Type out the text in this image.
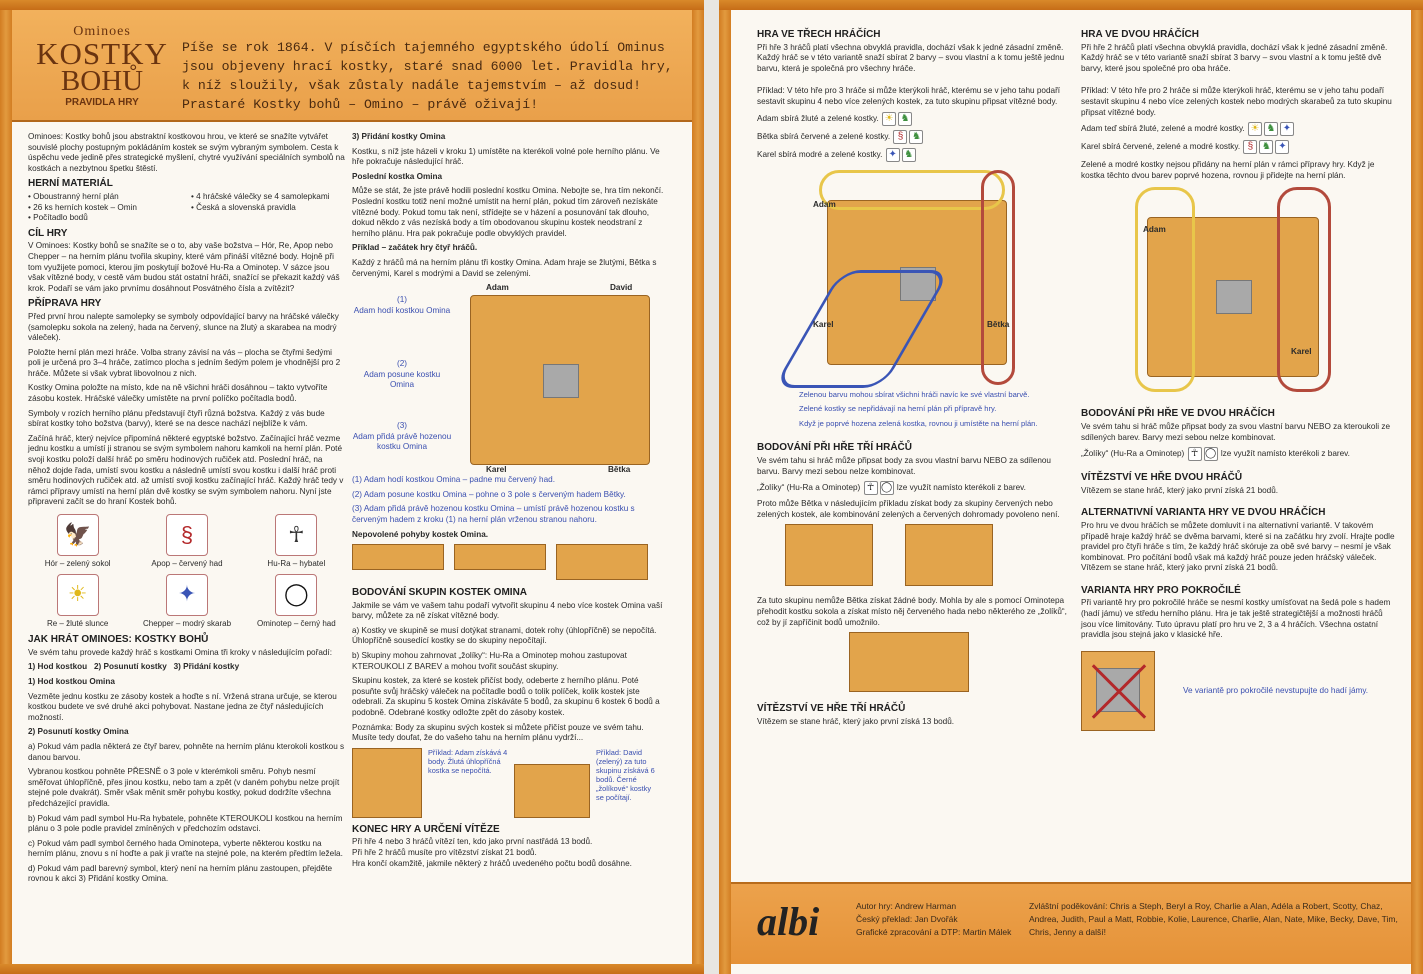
Ominoes
KOSTKY
BOHŮ
PRAVIDLA HRY
Píše se rok 1864. V písčích tajemného egyptského údolí Ominus jsou objeveny hrací kostky, staré snad 6000 let. Pravidla hry, k níž sloužily, však zůstaly nadále tajemstvím – až dosud!
Prastaré Kostky bohů – Omino – právě oživají!

Ominoes: Kostky bohů jsou abstraktní kostkovou hrou, ve které se snažíte vytvářet souvislé plochy postupným pokládáním kostek se svým vybraným symbolem. Cesta k úspěchu vede jedině přes strategické myšlení, chytré využívání speciálních symbolů na kostkách a nezbytnou špetku štěstí.

HERNÍ MATERIÁL
• Oboustranný herní plán	• 4 hráčské válečky se 4 samolepkami
• 26 ks herních kostek – Omin	• Česká a slovenská pravidla
• Počítadlo bodů
CÍL HRY

V Ominoes: Kostky bohů se snažíte se o to, aby vaše božstva – Hór, Re, Apop nebo Chepper – na herním plánu tvořila skupiny, které vám přináší vítězné body. Hojně při tom využijete pomoci, kterou jim poskytují božové Hu-Ra a Ominotep. V sázce jsou však vítězné body, v cestě vám budou stát ostatní hráči, snažící se překazit každý váš krok. Podaří se vám jako prvnímu dosáhnout Posvátného čísla a zvítězit?

PŘÍPRAVA HRY

Před první hrou nalepte samolepky se symboly odpovídající barvy na hráčské válečky (samolepku sokola na zelený, hada na červený, slunce na žlutý a skarabea na modrý váleček).

Položte herní plán mezi hráče. Volba strany závisí na vás – plocha se čtyřmi šedými poli je určená pro 3–4 hráče, zatímco plocha s jedním šedým polem je vhodnější pro 2 hráče. Můžete si však vybrat libovolnou z nich.

Kostky Omina položte na místo, kde na ně všichni hráči dosáhnou – takto vytvoříte zásobu kostek. Hráčské válečky umístěte na první políčko počítadla bodů.

Symboly v rozích herního plánu představují čtyři různá božstva. Každý z vás bude sbírat kostky toho božstva (barvy), které se na desce nachází nejblíže k vám.

Začíná hráč, který nejvíce připomíná některé egyptské božstvo. Začínající hráč vezme jednu kostku a umístí ji stranou se svým symbolem nahoru kamkoli na herní plán. Poté svoji kostku položí další hráč po směru hodinových ručiček atd. Poslední hráč, na něhož dojde řada, umístí svou kostku a následně umístí svou kostku i další hráč proti směru hodinových ručiček atd. až umístí svoji kostku začínající hráč. Každý hráč tedy v rámci přípravy umístí na herní plán dvě kostky se svým symbolem nahoru. Nyní jste připraveni začít se do hraní Kostek bohů.

🦅
Hór – zelený sokol
§
Apop – červený had
☥
Hu-Ra – hybatel
☀
Re – žluté slunce
✦
Chepper – modrý skarab
◯
Ominotep – černý had
JAK HRÁT OMINOES: KOSTKY BOHŮ

Ve svém tahu provede každý hráč s kostkami Omina tři kroky v následujícím pořadí:

1) Hod kostkou 2) Posunutí kostky 3) Přidání kostky

1) Hod kostkou Omina

Vezměte jednu kostku ze zásoby kostek a hoďte s ní. Vržená strana určuje, se kterou kostkou budete ve své druhé akci pohybovat. Nastane jedna ze čtyř následujících možností.

2) Posunutí kostky Omina

a) Pokud vám padla některá ze čtyř barev, pohněte na herním plánu kterokoli kostkou s danou barvou.

Vybranou kostkou pohněte PŘESNĚ o 3 pole v kterémkoli směru. Pohyb nesmí směřovat úhlopříčně, přes jinou kostku, nebo tam a zpět (v daném pohybu nelze projít stejné pole dvakrát). Směr však měnit směr pohybu kostky, pokud dodržíte všechna předcházející pravidla.

b) Pokud vám padl symbol Hu-Ra hybatele, pohněte KTEROUKOLI kostkou na herním plánu o 3 pole podle pravidel zmíněných v předchozím odstavci.

c) Pokud vám padl symbol černého hada Ominotepa, vyberte některou kostku na herním plánu, znovu s ní hoďte a pak ji vraťte na stejné pole, na kterém předtím ležela.

d) Pokud vám padl barevný symbol, který není na herním plánu zastoupen, přejděte rovnou k akci 3) Přidání kostky Omina.

3) Přidání kostky Omina

Kostku, s níž jste házeli v kroku 1) umístěte na kterékoli volné pole herního plánu. Ve hře pokračuje následující hráč.

Poslední kostka Omina

Může se stát, že jste právě hodili poslední kostku Omina. Nebojte se, hra tím nekončí. Poslední kostku totiž není možné umístit na herní plán, pokud tím zároveň nezískáte vítězné body. Pokud tomu tak není, střídejte se v házení a posunování tak dlouho, dokud někdo z vás nezíská body a tím obodovanou skupinu kostek neodstraní z herního plánu. Hra pak pokračuje podle obvyklých pravidel.

Příklad – začátek hry čtyř hráčů.

Každý z hráčů má na herním plánu tři kostky Omina. Adam hraje se žlutými, Bětka s červenými, Karel s modrými a David se zelenými.

(1)
Adam hodí kostkou Omina
(2)
Adam posune kostku Omina
(3)
Adam přidá právě hozenou kostku Omina
Adam	David
Karel	Bětka

(1) Adam hodí kostkou Omina – padne mu červený had.

(2) Adam posune kostku Omina – pohne o 3 pole s červeným hadem Bětky.

(3) Adam přidá právě hozenou kostku Omina – umístí právě hozenou kostku s červeným hadem z kroku (1) na herní plán vrženou stranou nahoru.

Nepovolené pohyby kostek Omina.

BODOVÁNÍ SKUPIN KOSTEK OMINA

Jakmile se vám ve vašem tahu podaří vytvořit skupinu 4 nebo více kostek Omina vaší barvy, můžete za ně získat vítězné body.

a) Kostky ve skupině se musí dotýkat stranami, dotek rohy (úhlopříčně) se nepočítá. Úhlopříčně sousedící kostky se do skupiny nepočítají.

b) Skupiny mohou zahrnovat „žolíky“: Hu-Ra a Ominotep mohou zastupovat KTEROUKOLI Z BAREV a mohou tvořit součást skupiny.

Skupinu kostek, za které se kostek přičíst body, odeberte z herního plánu. Poté posuňte svůj hráčský váleček na počítadle bodů o tolik políček, kolik kostek jste odebrali. Za skupinu 5 kostek Omina získáváte 5 bodů, za skupinu 6 kostek 6 bodů a podobně. Odebrané kostky odložte zpět do zásoby kostek.

Poznámka: Body za skupinu svých kostek si můžete přičíst pouze ve svém tahu. Musíte tedy doufat, že do vašeho tahu na herním plánu vydrží...

Příklad: Adam získává 4 body. Žlutá úhlopříčná kostka se nepočítá.
Příklad: David (zelený) za tuto skupinu získává 6 bodů. Černé „žolíkové“ kostky se počítají.
KONEC HRY A URČENÍ VÍTĚZE

Při hře 4 nebo 3 hráčů vítězí ten, kdo jako první nastřádá 13 bodů.

Při hře 2 hráčů musíte pro vítězství získat 21 bodů.

Hra končí okamžitě, jakmile některý z hráčů uvedeného počtu bodů dosáhne.

HRA VE TŘECH HRÁČÍCH

Při hře 3 hráčů platí všechna obvyklá pravidla, dochází však k jedné zásadní změně. Každý hráč se v této variantě snaží sbírat 2 barvy – svou vlastní a k tomu ještě jednu barvu, která je společná pro všechny hráče.

Příklad: V této hře pro 3 hráče si může kterýkoli hráč, kterému se v jeho tahu podaří sestavit skupinu 4 nebo více zelených kostek, za tuto skupinu připsat vítězné body.

Adam sbírá žluté a zelené kostky. ☀ ♞

Bětka sbírá červené a zelené kostky. § ♞

Karel sbírá modré a zelené kostky. ✦ ♞

Adam
Karel	Bětka

Zelenou barvu mohou sbírat všichni hráči navíc ke své vlastní barvě.

Zelené kostky se nepřidávají na herní plán při přípravě hry.

Když je poprvé hozena zelená kostka, rovnou ji umístěte na herní plán.

BODOVÁNÍ PŘI HŘE TŘÍ HRÁČŮ

Ve svém tahu si hráč může připsat body za svou vlastní barvu NEBO za sdílenou barvu. Barvy mezi sebou nelze kombinovat.

„Žolíky“ (Hu-Ra a Ominotep) ☥ ◯ lze využít namísto kterékoli z barev.

Proto může Bětka v následujícím příkladu získat body za skupiny červených nebo zelených kostek, ale kombinování zelených a červených dohromady povoleno není.

Za tuto skupinu nemůže Bětka získat žádné body. Mohla by ale s pomocí Ominotepa přehodit kostku sokola a získat místo něj červeného hada nebo některého ze „žolíků“, což by jí zapříčinit bodů umožnilo.

VÍTĚZSTVÍ VE HŘE TŘÍ HRÁČŮ

Vítězem se stane hráč, který jako první získá 13 bodů.

HRA VE DVOU HRÁČÍCH

Při hře 2 hráčů platí všechna obvyklá pravidla, dochází však k jedné zásadní změně. Každý hráč se v této variantě snaží sbírat 3 barvy – svou vlastní a k tomu ještě dvě barvy, které jsou společné pro oba hráče.

Příklad: V této hře pro 2 hráče si může kterýkoli hráč, kterému se v jeho tahu podaří sestavit skupinu 4 nebo více zelených kostek nebo modrých skarabeů za tuto skupinu připsat vítězné body.

Adam teď sbírá žluté, zelené a modré kostky. ☀ ♞ ✦

Karel sbírá červené, zelené a modré kostky. § ♞ ✦

Zelené a modré kostky nejsou přidány na herní plán v rámci přípravy hry. Když je kostka těchto dvou barev poprvé hozena, rovnou ji přidejte na herní plán.

Adam
Karel
BODOVÁNÍ PŘI HŘE VE DVOU HRÁČÍCH

Ve svém tahu si hráč může připsat body za svou vlastní barvu NEBO za kteroukoli ze sdílených barev. Barvy mezi sebou nelze kombinovat.

„Žolíky“ (Hu-Ra a Ominotep) ☥ ◯ lze využít namísto kterékoli z barev.

VÍTĚZSTVÍ VE HŘE DVOU HRÁČŮ

Vítězem se stane hráč, který jako první získá 21 bodů.

ALTERNATIVNÍ VARIANTA HRY VE DVOU HRÁČÍCH

Pro hru ve dvou hráčích se můžete domluvit i na alternativní variantě. V takovém případě hraje každý hráč se dvěma barvami, které si na začátku hry zvolí. Hrajte podle pravidel pro čtyři hráče s tím, že každý hráč skóruje za obě své barvy – nesmí je však kombinovat. Pro počítání bodů však má každý hráč pouze jeden hráčský váleček. Vítězem se stane hráč, který jako první získá 21 bodů.

VARIANTA HRY PRO POKROČILÉ

Při variantě hry pro pokročilé hráče se nesmí kostky umísťovat na šedá pole s hadem (hadí jámu) ve středu herního plánu. Hra je tak ještě strategičtější a možnosti hráčů jsou více limitovány. Tuto úpravu platí pro hru ve 2, 3 a 4 hráčích. Všechna ostatní pravidla jsou stejná jako v klasické hře.

Ve variantě pro pokročilé nevstupujte do hadí jámy.
albi	Autor hry: Andrew Harman
Český překlad: Jan Dvořák
Grafické zpracování a DTP: Martin Málek
Zvláštní poděkování: Chris a Steph, Beryl a Roy, Charlie a Alan, Adéla a Robert, Scotty, Chaz, Andrea, Judith, Paul a Matt, Robbie, Kolie, Laurence, Charlie, Alan, Nate, Mike, Becky, Dave, Tim, Chris, Jenny a další!
